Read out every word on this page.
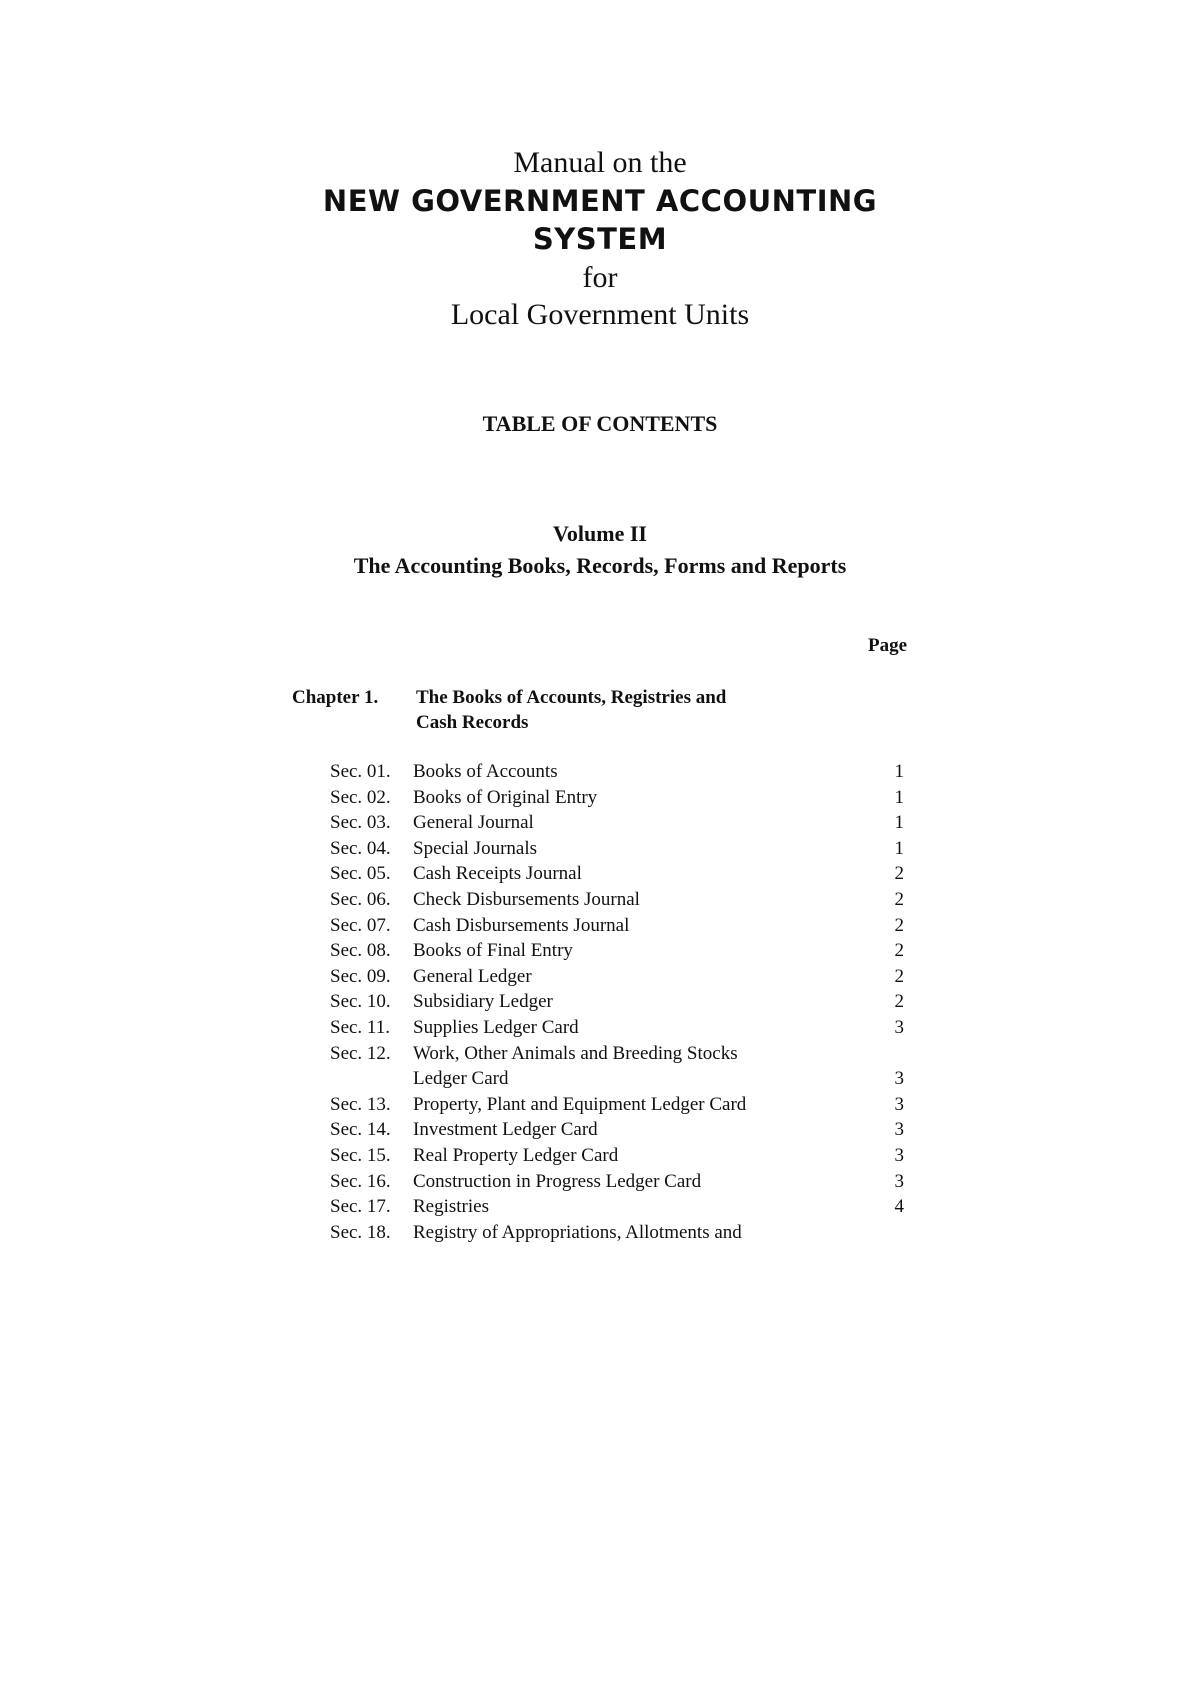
Manual on the
NEW GOVERNMENT ACCOUNTING
SYSTEM
for
Local Government Units
TABLE OF CONTENTS
Volume II
The Accounting Books, Records, Forms and Reports
Page
Chapter 1. The Books of Accounts, Registries and
Cash Records
Sec. 01. Books of Accounts	1
Sec. 02. Books of Original Entry	1
Sec. 03. General Journal	1
Sec. 04. Special Journals	1
Sec. 05. Cash Receipts Journal	2
Sec. 06. Check Disbursements Journal	2
Sec. 07. Cash Disbursements Journal	2
Sec. 08. Books of Final Entry	2
Sec. 09. General Ledger	2
Sec. 10. Subsidiary Ledger	2
Sec. 11. Supplies Ledger Card	3
Sec. 12. Work, Other Animals and Breeding Stocks
Ledger Card	3
Sec. 13. Property, Plant and Equipment Ledger Card	3
Sec. 14. Investment Ledger Card	3
Sec. 15. Real Property Ledger Card	3
Sec. 16. Construction in Progress Ledger Card	3
Sec. 17. Registries	4
Sec. 18. Registry of Appropriations, Allotments and
